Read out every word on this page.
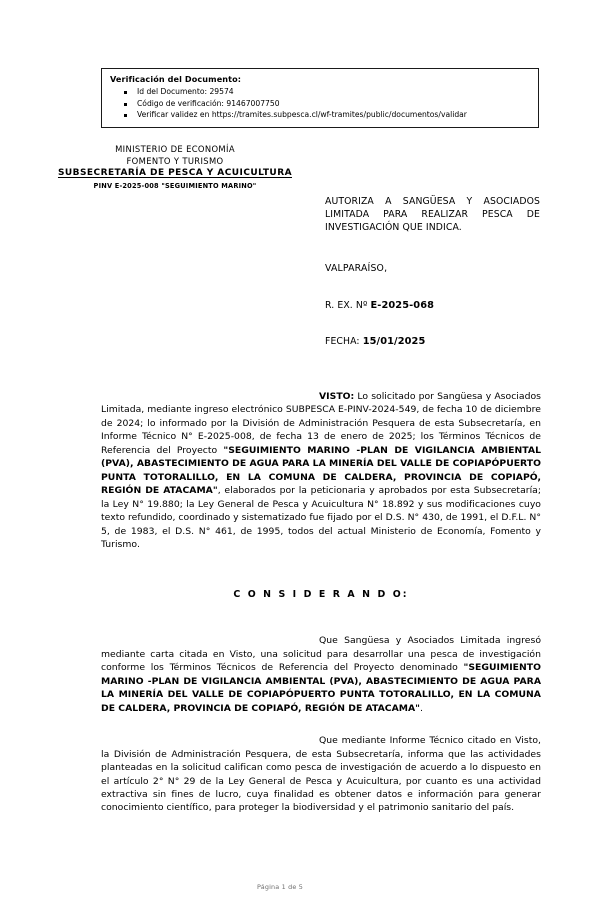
Verificación del Documento:
Id del Documento: 29574
Código de verificación: 91467007750
Verificar validez en https://tramites.subpesca.cl/wf-tramites/public/documentos/validar
MINISTERIO DE ECONOMÍA
FOMENTO Y TURISMO
SUBSECRETARÍA DE PESCA Y ACUICULTURA
PINV E-2025-008 "SEGUIMIENTO MARINO"
AUTORIZA A SANGÜESA Y ASOCIADOS LIMITADA PARA REALIZAR PESCA DE INVESTIGACIÓN QUE INDICA.
VALPARAÍSO,
R. EX. Nº E-2025-068
FECHA: 15/01/2025

VISTO: Lo solicitado por Sangüesa y Asociados Limitada, mediante ingreso electrónico SUBPESCA E-PINV-2024-549, de fecha 10 de diciembre de 2024; lo informado por la División de Administración Pesquera de esta Subsecretaría, en Informe Técnico N° E-2025-008, de fecha 13 de enero de 2025; los Términos Técnicos de Referencia del Proyecto "SEGUIMIENTO MARINO -PLAN DE VIGILANCIA AMBIENTAL (PVA), ABASTECIMIENTO DE AGUA PARA LA MINERÍA DEL VALLE DE COPIAPÓPUERTO PUNTA TOTORALILLO, EN LA COMUNA DE CALDERA, PROVINCIA DE COPIAPÓ, REGIÓN DE ATACAMA", elaborados por la peticionaria y aprobados por esta Subsecretaría; la Ley N° 19.880; la Ley General de Pesca y Acuicultura N° 18.892 y sus modificaciones cuyo texto refundido, coordinado y sistematizado fue fijado por el D.S. N° 430, de 1991, el D.F.L. N° 5, de 1983, el D.S. N° 461, de 1995, todos del actual Ministerio de Economía, Fomento y Turismo.

C O N S I D E R A N D O:

Que Sangüesa y Asociados Limitada ingresó mediante carta citada en Visto, una solicitud para desarrollar una pesca de investigación conforme los Términos Técnicos de Referencia del Proyecto denominado "SEGUIMIENTO MARINO -PLAN DE VIGILANCIA AMBIENTAL (PVA), ABASTECIMIENTO DE AGUA PARA LA MINERÍA DEL VALLE DE COPIAPÓPUERTO PUNTA TOTORALILLO, EN LA COMUNA DE CALDERA, PROVINCIA DE COPIAPÓ, REGIÓN DE ATACAMA".

Que mediante Informe Técnico citado en Visto, la División de Administración Pesquera, de esta Subsecretaría, informa que las actividades planteadas en la solicitud califican como pesca de investigación de acuerdo a lo dispuesto en el artículo 2° N° 29 de la Ley General de Pesca y Acuicultura, por cuanto es una actividad extractiva sin fines de lucro, cuya finalidad es obtener datos e información para generar conocimiento científico, para proteger la biodiversidad y el patrimonio sanitario del país.

Página 1 de 5
